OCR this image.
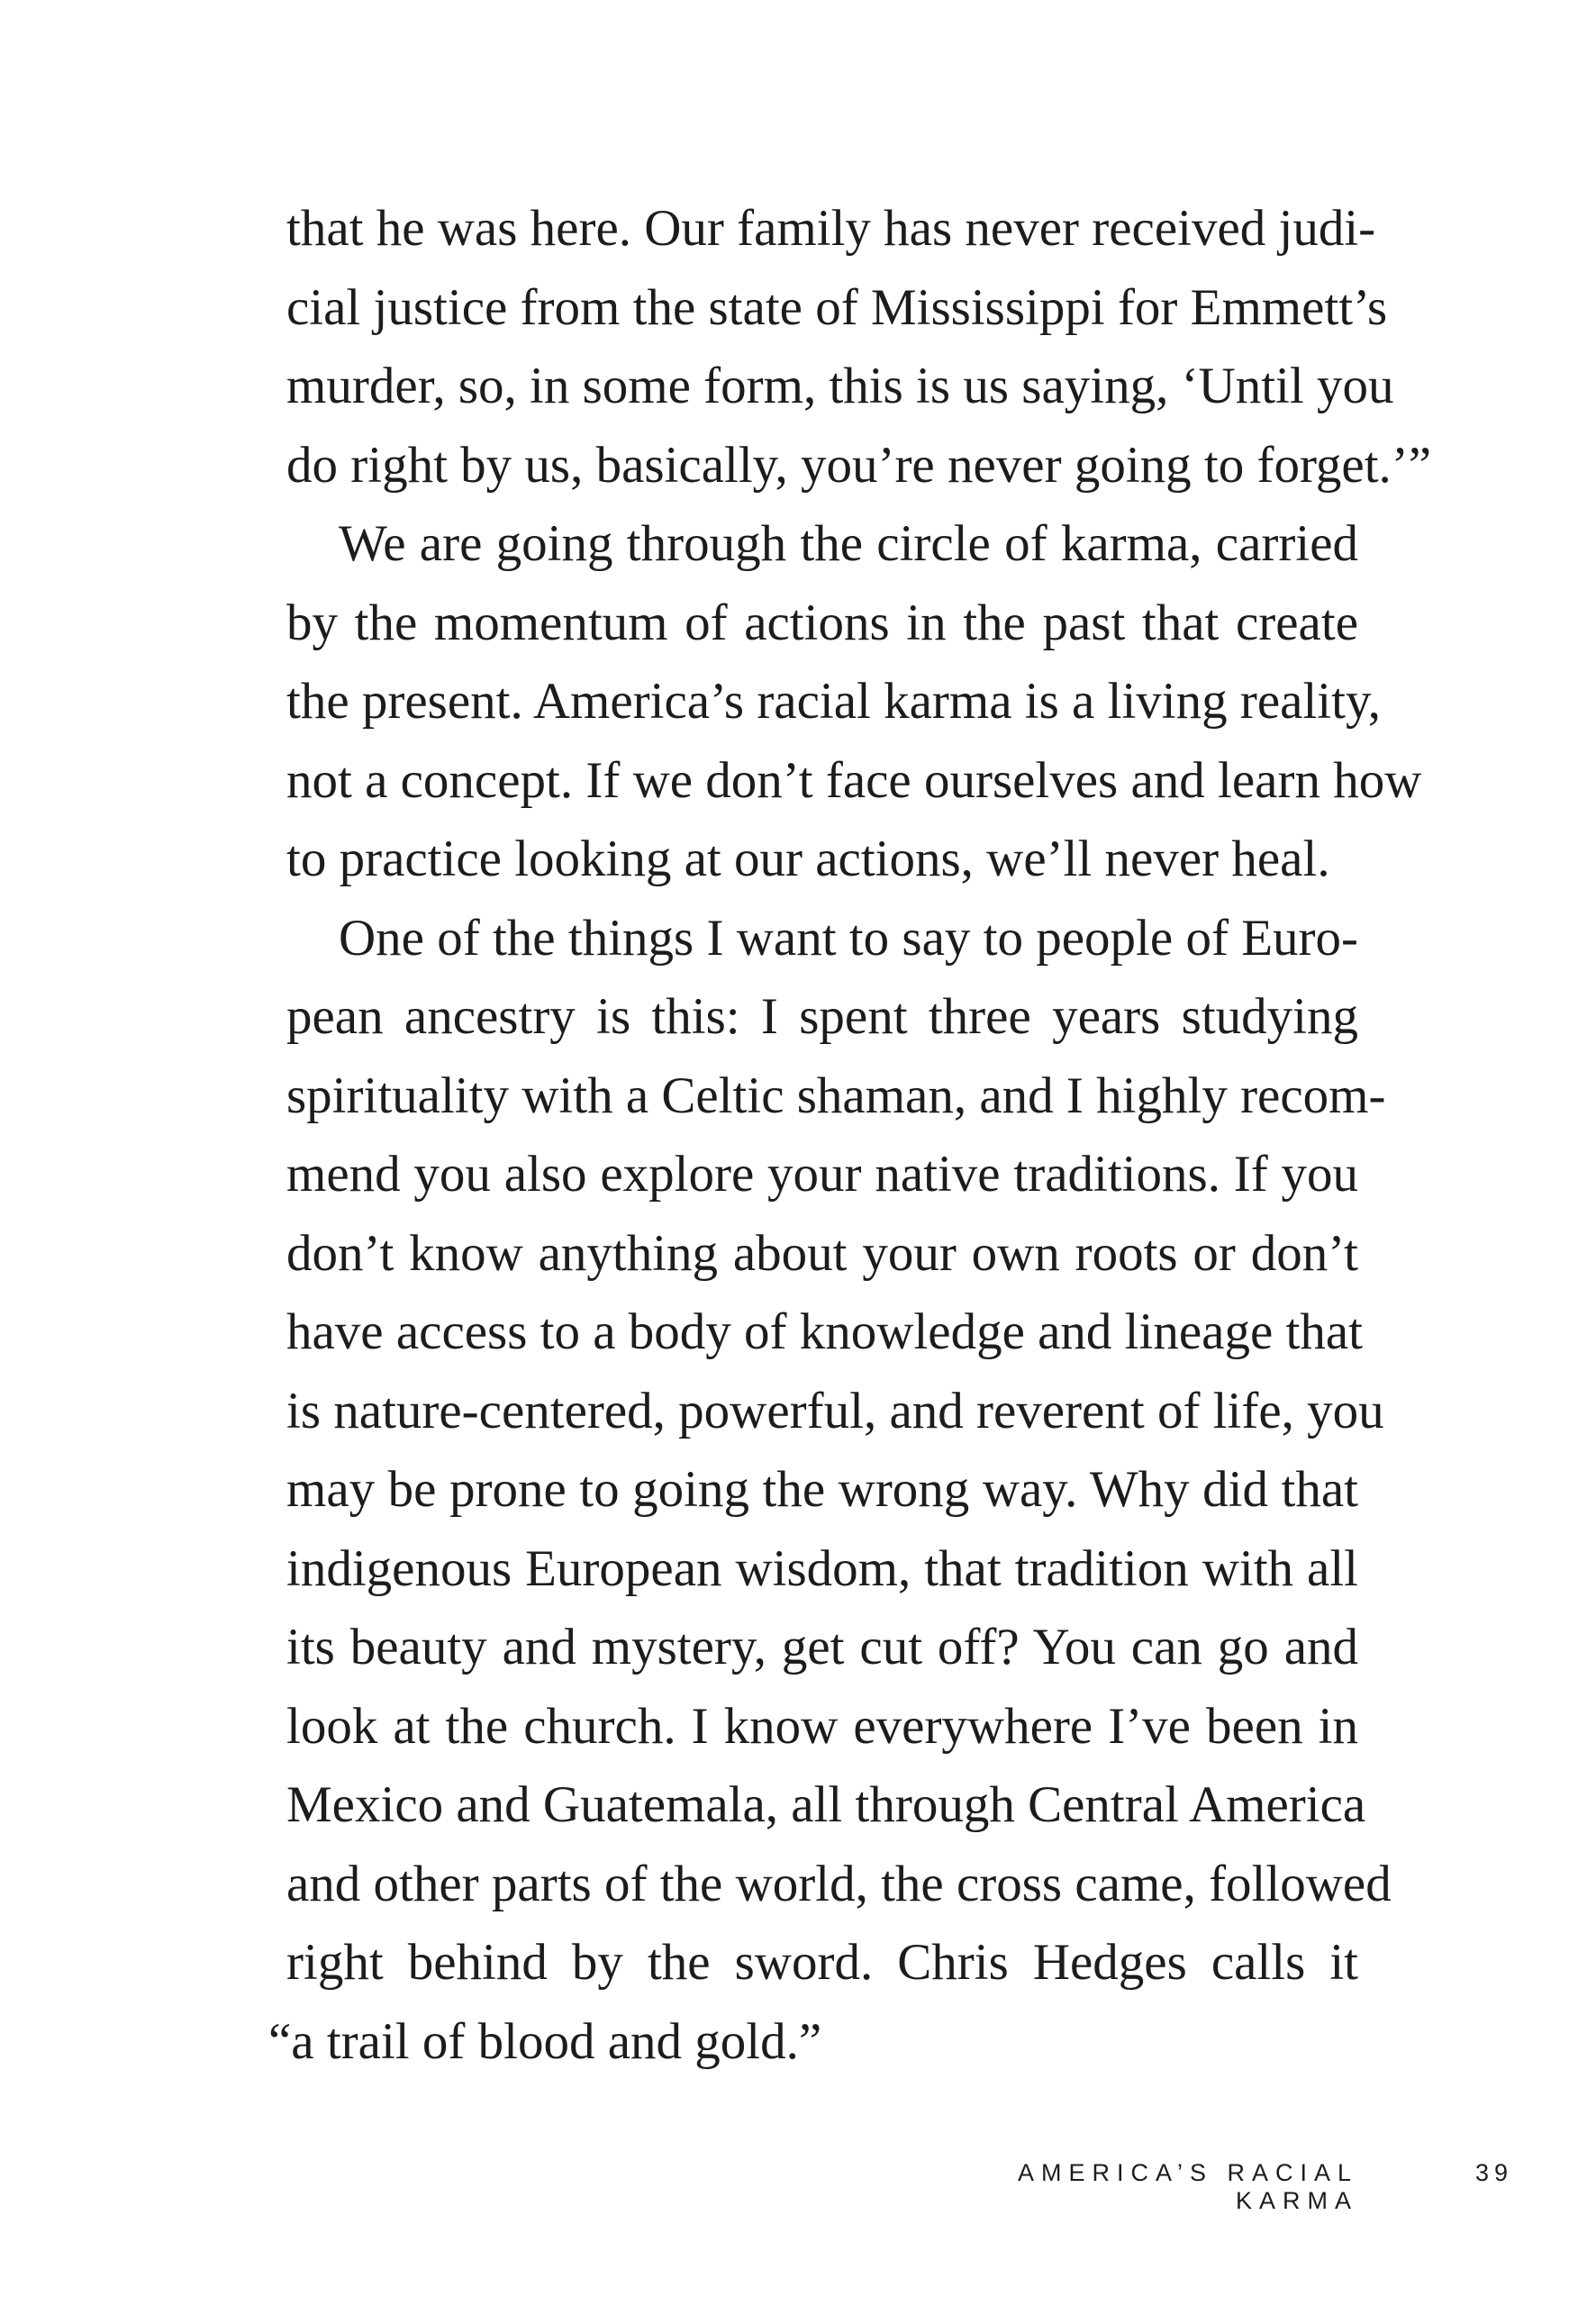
that he was here. Our family has never received judi-
cial justice from the state of Mississippi for Emmett’s
murder, so, in some form, this is us saying, ‘Until you
do right by us, basically, you’re never going to forget.’”
We are going through the circle of karma, carried
by the momentum of actions in the past that create
the present. America’s racial karma is a living reality,
not a concept. If we don’t face ourselves and learn how
to practice looking at our actions, we’ll never heal.
One of the things I want to say to people of Euro-
pean ancestry is this: I spent three years studying
spirituality with a Celtic shaman, and I highly recom-
mend you also explore your native traditions. If you
don’t know anything about your own roots or don’t
have access to a body of knowledge and lineage that
is nature-centered, powerful, and reverent of life, you
may be prone to going the wrong way. Why did that
indigenous European wisdom, that tradition with all
its beauty and mystery, get cut off? You can go and
look at the church. I know everywhere I’ve been in
Mexico and Guatemala, all through Central America
and other parts of the world, the cross came, followed
right behind by the sword. Chris Hedges calls it
“a trail of blood and gold.”
AMERICA’S RACIAL KARMA
39
